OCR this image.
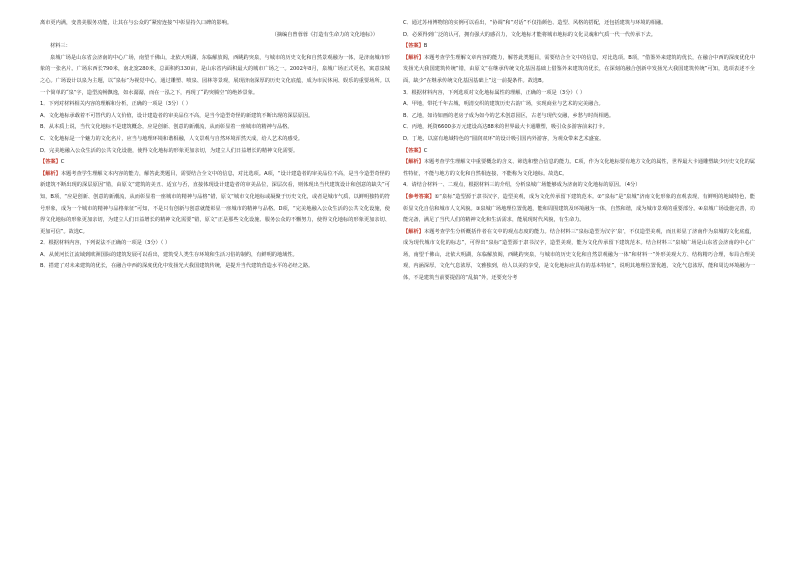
离市更内满，变善美服务功能，让其在与公众的“紧密连接”中彰显持久口碑的影响。

（摘编自曾蓉蓉《打造有生命力的文化地标》）

材料三：

泉城广场是山东省会济南的中心广场，南望千佛山，北依大明湖，东临解放阁，西眺趵突泉，与城市的历史文化和自然景观融为一体，是济南城市形象的一张名片。广场东西长790米，南北宽280米，总面积约330亩，是山东省内面积最大的城市广场之一。2002年8月，泉城广场正式更名，寓意泉城之心。广场设计以泉为主题，以“泉标”为视觉中心，通过雕塑、喷泉、园林等景观，展现济南深厚的历史文化底蕴，成为市民休闲、娱乐的重要场所。以一个简单的“泉”字，造型流畅飘逸，如水潺潺，而在一泓之下，再现了“趵突腾空”的绝妙景象。

1．下列对材料相关内容的理解和分析，正确的一项是（3分）（ ）

A．文化地标承载着不可替代的人文价值，设计建造者的审美品位不高，是当今造型奇怪的新建筑不断出现的深层原因。

B．从本质上说，当代文化地标不是建筑概念，应是创新、创意的新潮流，从而彰显着一座城市的精神与品格。

C．文化地标是一个魅力的文化名片，应当与地理环境和谐相融，人文景观与自然环境浑然天成，给人艺术的感受。

D．完美地融入公众生活的公共文化设施，使得文化地标的形象更加亲切，为建立人们日益增长的精神文化需要。

【答案】C

【解析】本题考查学生理解文本内容的能力，解答此类题目，需要结合全文中的信息，对比选项。A项，“设计建造者的审美品位不高，是当今造型奇怪的新建筑不断出现的深层原因”错，由原文“建筑的美丑、适宜与否，直接体现设计建造者的审美品位，深层次看，则体现出当代建筑设计和创意的缺失”可知，B项，“应是创新、创意的新潮流，从而彰显着一座城市的精神与品格”错，原文“城市文化地标或凝聚于历史文化，或者是城市气质，以鲜明独特的符号形象，成为一个城市的精神与品格象征”可知，不是只有创新与创意就能彰显一座城市的精神与品格。D项，“完美地融入公众生活的公共文化设施，使得文化地标的形象更加亲切，为建立人们日益增长的精神文化需要”错，原文“正是那些文化设施、服务公众的不懈努力，使得文化地标的形象更加亲切、更加可信”。故选C。

2．根据材料内容，下列说法不正确的一项是（3分）（ ）

A．从黄河长江流域到欧洲国际的建筑发展可以看出，建筑受人类生存环境和生活习俗的制约，有鲜明的地域性。

B．搭建了对未来建筑的优长，在融合中西的深度优化中发扬光大我国建筑传统，是提升当代建筑营造水平的必经之路。

C．通过苏州博物馆的实例可以看出，“协调”和“对话”不仅指颜色、造型、风格的搭配，还包括建筑与环境的相融。

D．必须得到广泛的认可，拥有强大的感召力，文化地标才能将城市地标的文化灵魂和气质一代一代传承下去。

【答案】B

【解析】本题考查学生理解文章内容的能力，解答此类题目，需要结合全文中的信息，对比选项。B项，“借鉴外来建筑的优长，在融合中西的深度优化中发扬光大我国建筑传统”错，由原文“在继承传统文化基因基础上借鉴外来建筑的优长，在深刻的融合创新中发扬光大我国建筑传统”可知，选项表述不全面，缺少“在继承传统文化基因基础上”这一前提条件。故选B。

3．根据材料内容，下列选项对文化地标属性的理解，正确的一项是（3分）（ ）

A．甲地，带托千年古城，明清交织的建筑历史古韵广场，实现商业与艺术的完美融合。

B．乙地，如诗如画的老房子成为如今的艺术创意园区，古老与现代交融，乡愁与时尚相遇。

C．丙地，耗资6600多万元建设高达88米的世界最大卡通雕塑，吸引众多游客前来打卡。

D．丁地，以富有地域特色的“圆润双环”的设计吸引国内外游客，为观众带来艺术盛宴。

【答案】C

【解析】本题考查学生理解文中重要概念的含义、筛选和整合信息的能力。C项，作为文化地标要有地方文化的属性，世界最大卡通雕塑缺少历史文化的属性特征，不能与地方的文化和自然相连接，不能称为文化地标。故选C。

4．请结合材料一、二观点，根据材料三的介绍，分析泉城广场能够成为济南的文化地标的原因。（4分）

【参考答案】①“泉标”造型源于隶书汉字，造型美观，成为文化传承留下建筑范本。②“泉标”是“泉城”济南文化形象的直观表现，有鲜明的地域特色，能彰显文化自信和城市人文风貌。③泉城广场地理位置优越，能和周围建筑及环境融为一体，自然和谐，成为城市景观的重要部分。④泉城广场设施完善，功能完备，满足了当代人们的精神文化和生活需求，能展现时代风貌，有生命力。

【解析】本题考查学生分析概括作者在文中的观点态度的能力。结合材料三“泉标造型为汉字‘泉’，不仅造型美观，而且彰显了济南作为泉城的文化底蕴，成为现代城市文化的标志”，可得出“泉标”造型源于隶书汉字，造型美观，能为文化传承留下建筑范本。结合材料三“泉城广场是山东省会济南的中心广场，南望千佛山，北依大明湖，东临解放阁，西眺趵突泉，与城市的历史文化和自然景观融为一体”和材料一“外形美观大方、结构精巧合理，布局合理美观，内涵深厚，文化气息浓厚，文雅独到，给人以美的享受，是文化地标应具有的基本特征”，说明其地理位置优越，文化气息浓厚，能和周边环境融为一体，不是建筑当前要提倡的“乱搞”外，还要充分考
